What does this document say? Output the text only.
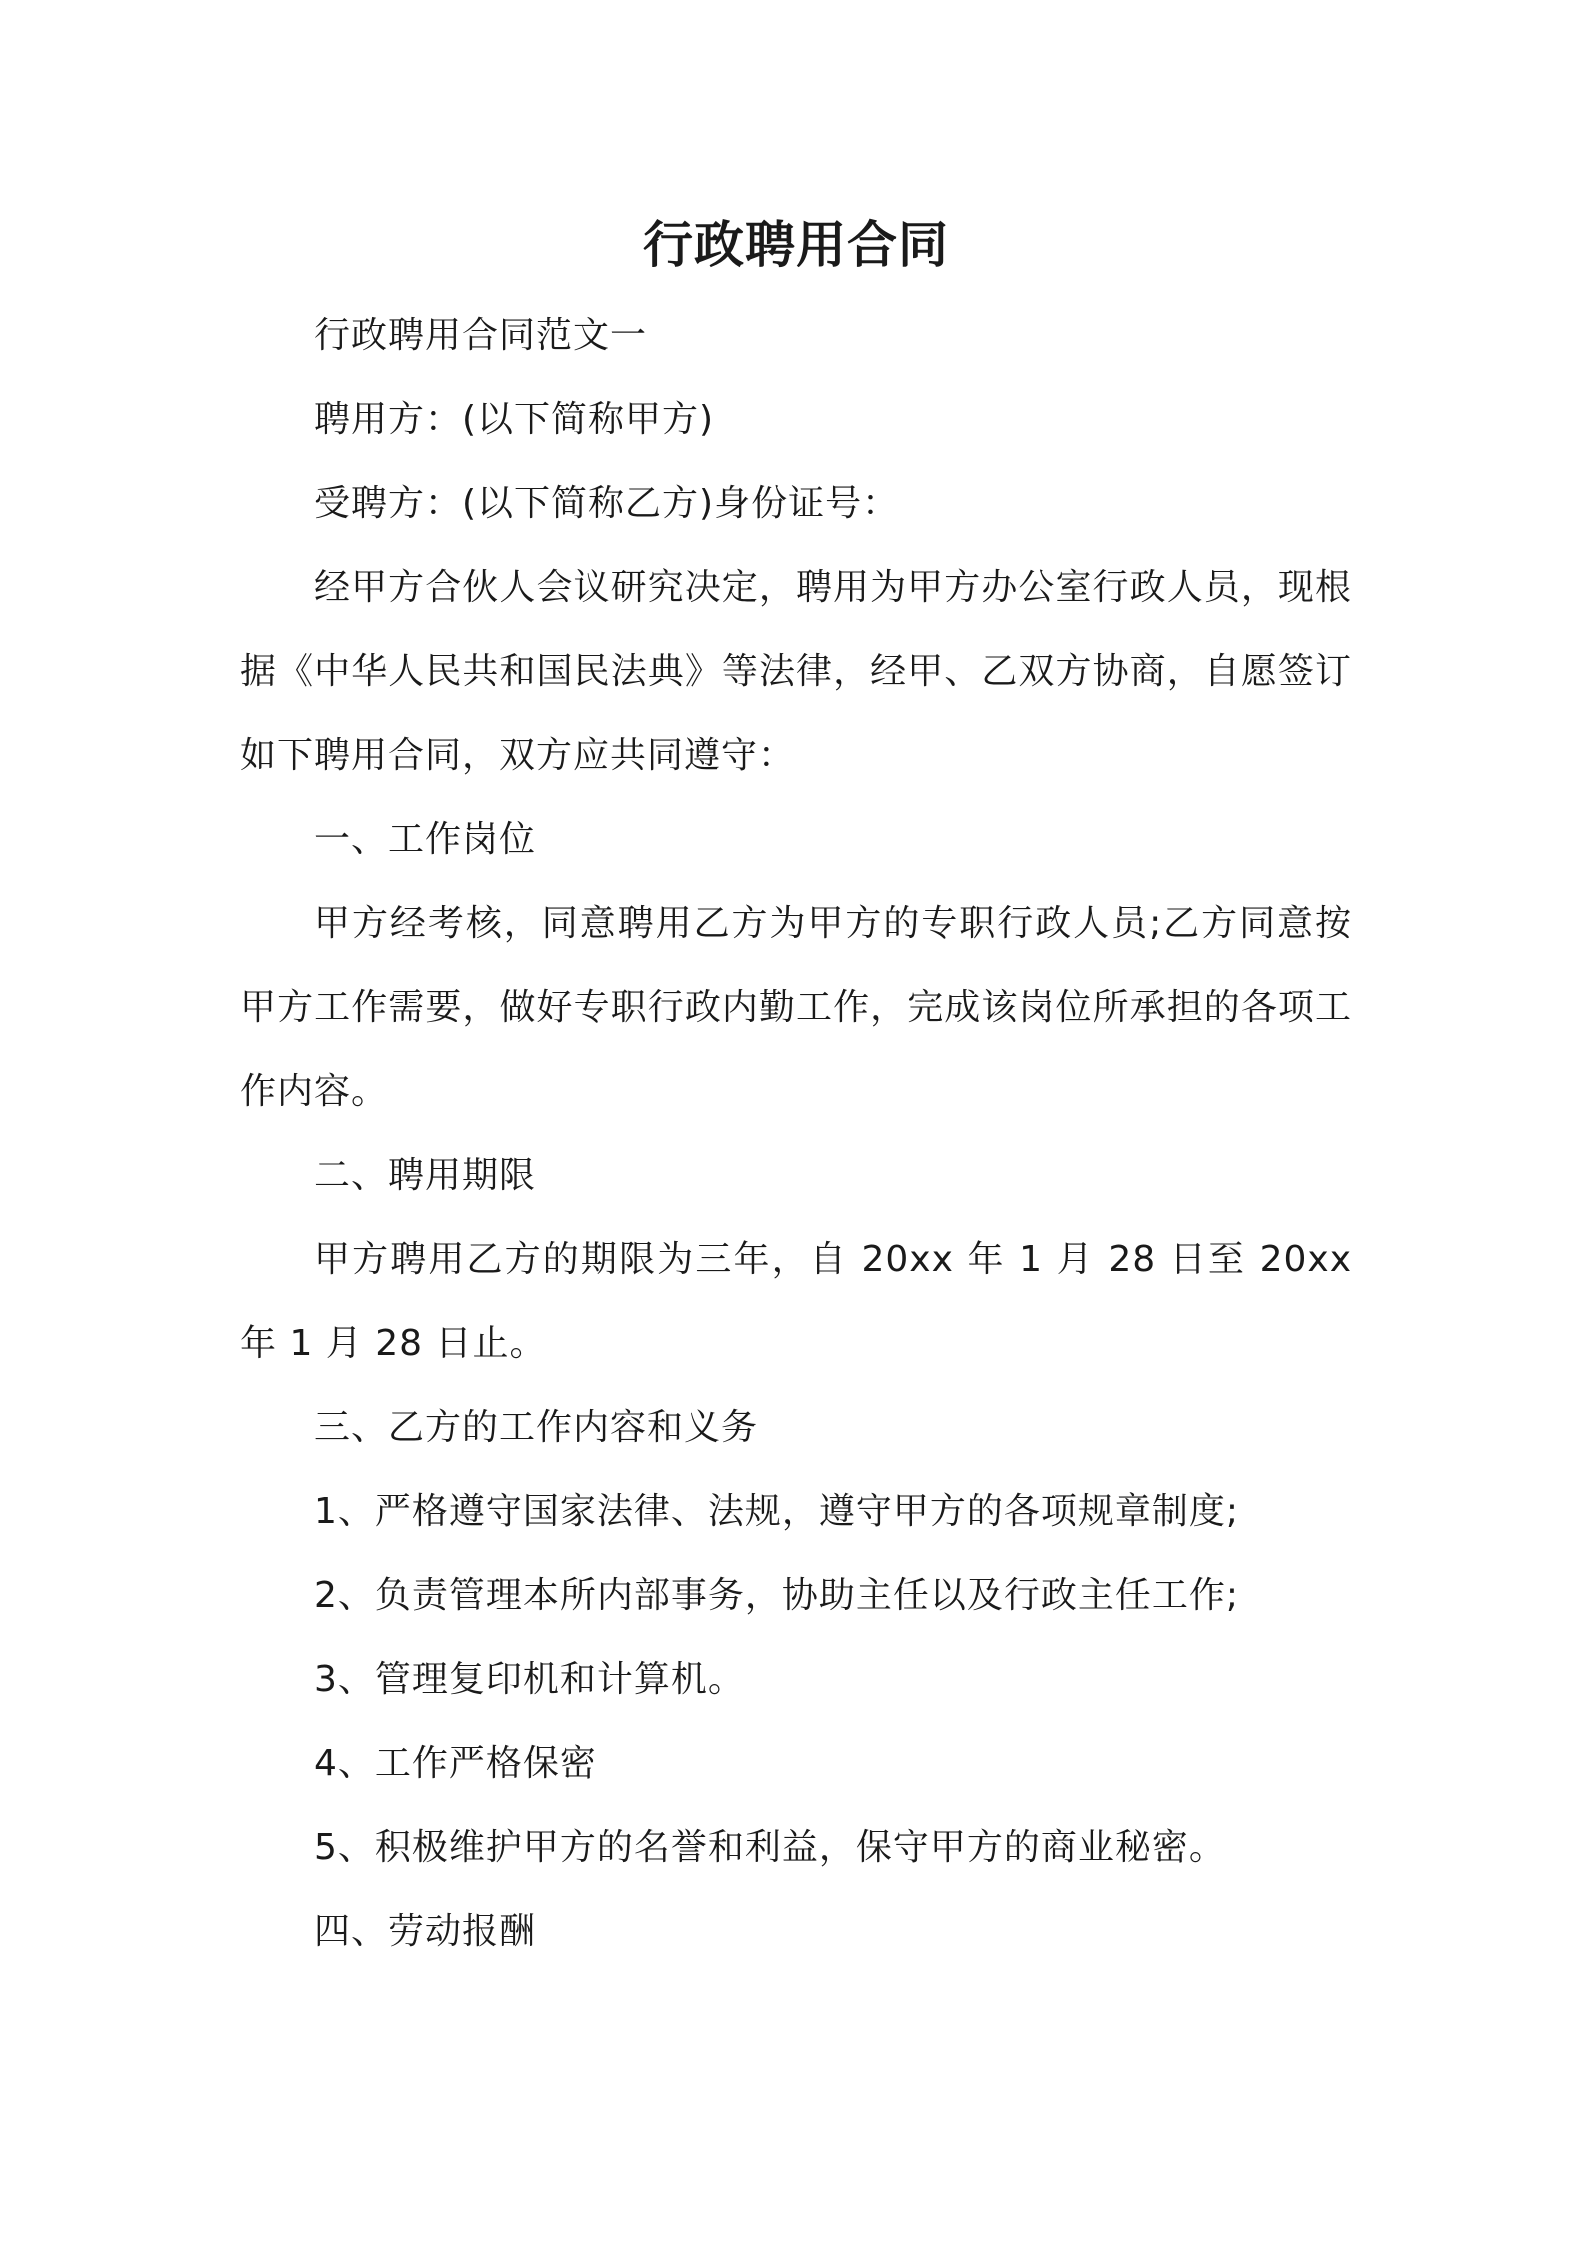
行政聘用合同

行政聘用合同范文一

聘用方：(以下简称甲方)

受聘方：(以下简称乙方)身份证号：

经甲方合伙人会议研究决定，聘用为甲方办公室行政人员，现根据《中华人民共和国民法典》等法律，经甲、乙双方协商，自愿签订如下聘用合同，双方应共同遵守：

一、工作岗位

甲方经考核，同意聘用乙方为甲方的专职行政人员;乙方同意按甲方工作需要，做好专职行政内勤工作，完成该岗位所承担的各项工作内容。

二、聘用期限

甲方聘用乙方的期限为三年，自 20xx 年 1 月 28 日至 20xx 年 1 月 28 日止。

三、乙方的工作内容和义务

1、严格遵守国家法律、法规，遵守甲方的各项规章制度;

2、负责管理本所内部事务，协助主任以及行政主任工作;

3、管理复印机和计算机。

4、工作严格保密

5、积极维护甲方的名誉和利益，保守甲方的商业秘密。

四、劳动报酬
